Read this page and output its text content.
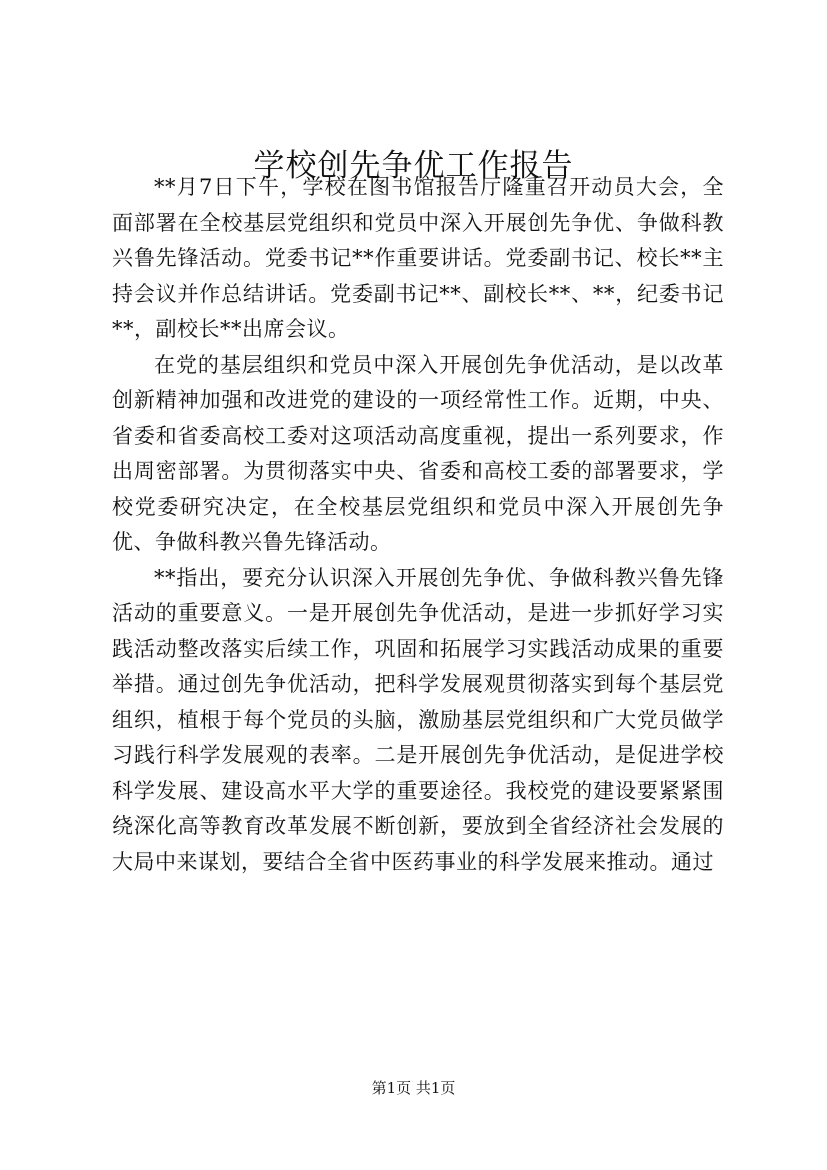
学校创先争优工作报告

**月7日下午，学校在图书馆报告厅隆重召开动员大会，全面部署在全校基层党组织和党员中深入开展创先争优、争做科教兴鲁先锋活动。党委书记**作重要讲话。党委副书记、校长**主持会议并作总结讲话。党委副书记**、副校长**、**，纪委书记**，副校长**出席会议。

在党的基层组织和党员中深入开展创先争优活动，是以改革创新精神加强和改进党的建设的一项经常性工作。近期，中央、省委和省委高校工委对这项活动高度重视，提出一系列要求，作出周密部署。为贯彻落实中央、省委和高校工委的部署要求，学校党委研究决定，在全校基层党组织和党员中深入开展创先争优、争做科教兴鲁先锋活动。

**指出，要充分认识深入开展创先争优、争做科教兴鲁先锋活动的重要意义。一是开展创先争优活动，是进一步抓好学习实践活动整改落实后续工作，巩固和拓展学习实践活动成果的重要举措。通过创先争优活动，把科学发展观贯彻落实到每个基层党组织，植根于每个党员的头脑，激励基层党组织和广大党员做学习践行科学发展观的表率。二是开展创先争优活动，是促进学校科学发展、建设高水平大学的重要途径。我校党的建设要紧紧围绕深化高等教育改革发展不断创新，要放到全省经济社会发展的大局中来谋划，要结合全省中医药事业的科学发展来推动。通过

第1页 共1页
